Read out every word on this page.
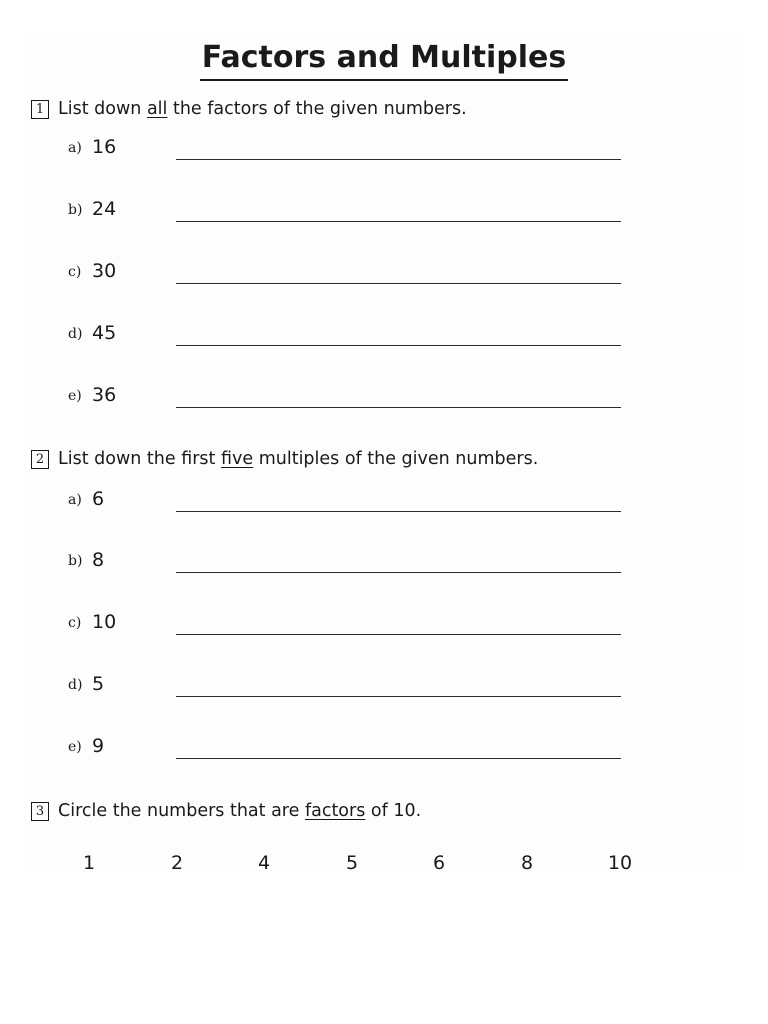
Factors and Multiples
1 List down all the factors of the given numbers.
a) 16
b) 24
c) 30
d) 45
e) 36
2 List down the first five multiples of the given numbers.
a) 6
b) 8
c) 10
d) 5
e) 9
3 Circle the numbers that are factors of 10.
1	2	4	5	6	8	10
